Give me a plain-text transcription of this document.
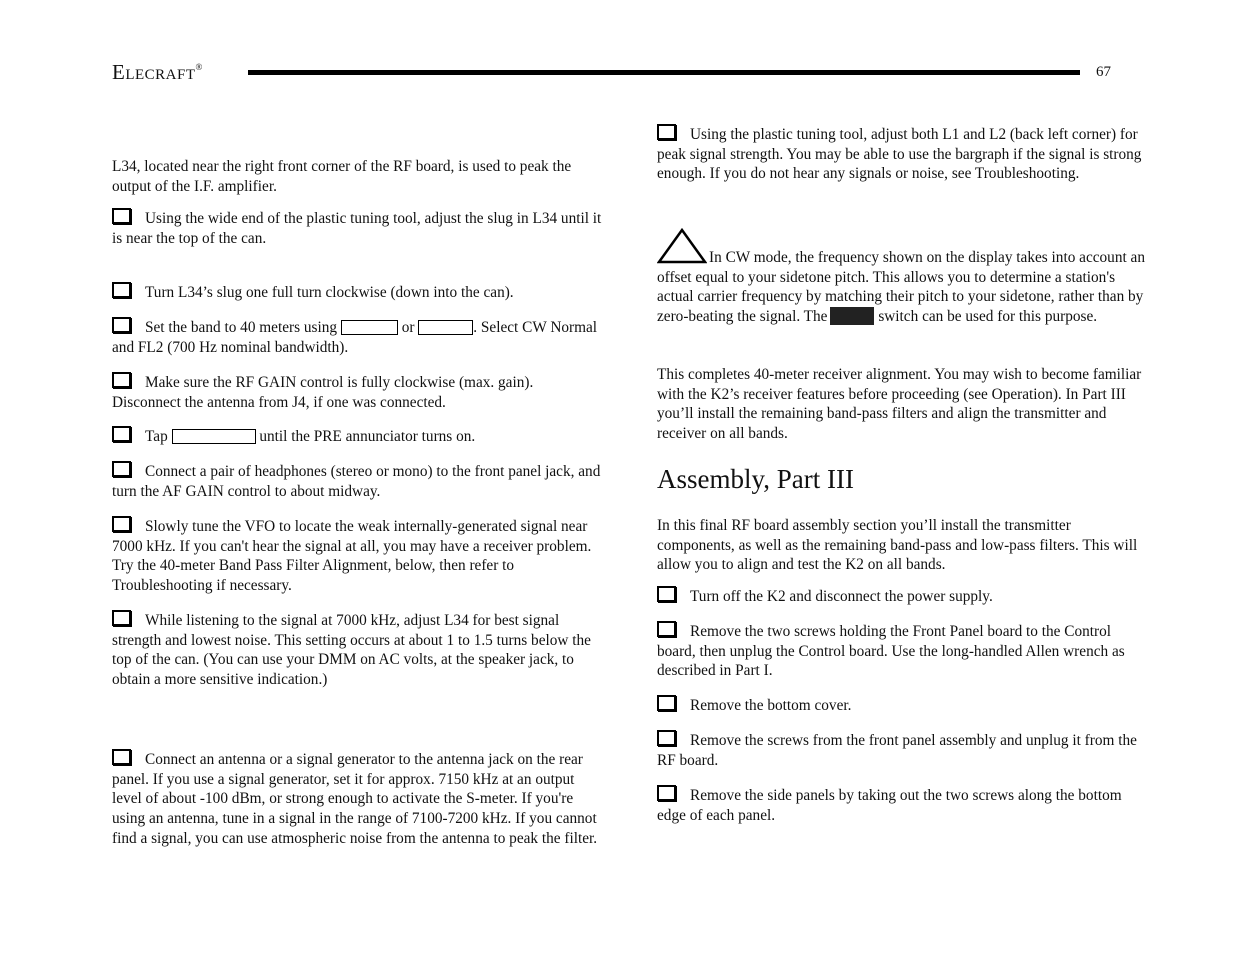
ELECRAFT®	67

L34, located near the right front corner of the RF board, is used to peak the output of the I.F. amplifier.

Using the wide end of the plastic tuning tool, adjust the slug in L34 until it is near the top of the can.

Turn L34’s slug one full turn clockwise (down into the can).

Set the band to 40 meters using	or	. Select CW Normal and FL2 (700 Hz nominal bandwidth).

Make sure the RF GAIN control is fully clockwise (max. gain). Disconnect the antenna from J4, if one was connected.

Tap	until the PRE annunciator turns on.

Connect a pair of headphones (stereo or mono) to the front panel jack, and turn the AF GAIN control to about midway.

Slowly tune the VFO to locate the weak internally-generated signal near 7000 kHz. If you can't hear the signal at all, you may have a receiver problem. Try the 40-meter Band Pass Filter Alignment, below, then refer to Troubleshooting if necessary.

While listening to the signal at 7000 kHz, adjust L34 for best signal strength and lowest noise. This setting occurs at about 1 to 1.5 turns below the top of the can. (You can use your DMM on AC volts, at the speaker jack, to obtain a more sensitive indication.)

Connect an antenna or a signal generator to the antenna jack on the rear panel. If you use a signal generator, set it for approx. 7150 kHz at an output level of about -100 dBm, or strong enough to activate the S-meter. If you're using an antenna, tune in a signal in the range of 7100-7200 kHz. If you cannot find a signal, you can use atmospheric noise from the antenna to peak the filter.

Using the plastic tuning tool, adjust both L1 and L2 (back left corner) for peak signal strength. You may be able to use the bargraph if the signal is strong enough. If you do not hear any signals or noise, see Troubleshooting.

In CW mode, the frequency shown on the display takes into account an offset equal to your sidetone pitch. This allows you to determine a station's actual carrier frequency by matching their pitch to your sidetone, rather than by zero-beating the signal. The	switch can be used for this purpose.

This completes 40-meter receiver alignment. You may wish to become familiar with the K2’s receiver features before proceeding (see Operation). In Part III you’ll install the remaining band-pass filters and align the transmitter and receiver on all bands.

Assembly, Part III

In this final RF board assembly section you’ll install the transmitter components, as well as the remaining band-pass and low-pass filters. This will allow you to align and test the K2 on all bands.

Turn off the K2 and disconnect the power supply.

Remove the two screws holding the Front Panel board to the Control board, then unplug the Control board. Use the long-handled Allen wrench as described in Part I.

Remove the bottom cover.

Remove the screws from the front panel assembly and unplug it from the RF board.

Remove the side panels by taking out the two screws along the bottom edge of each panel.
